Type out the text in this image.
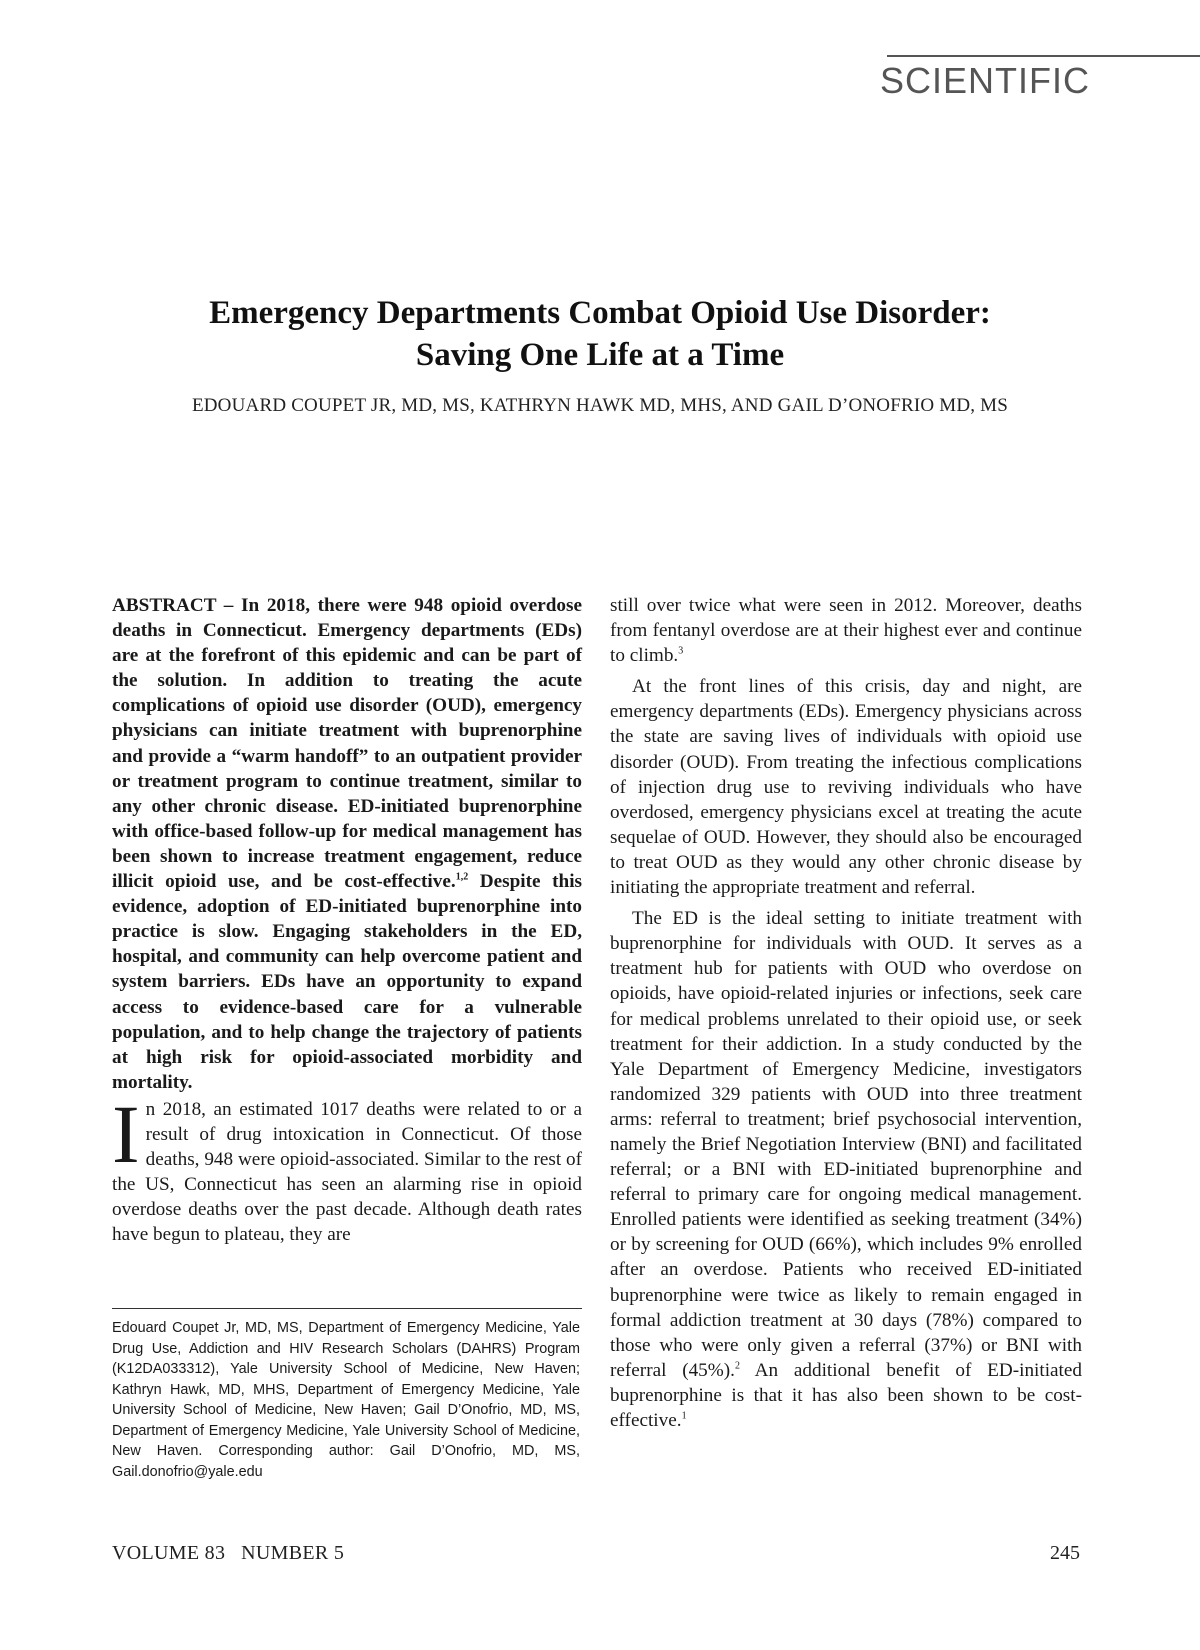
SCIENTIFIC
Emergency Departments Combat Opioid Use Disorder:
Saving One Life at a Time
EDOUARD COUPET JR, MD, MS, KATHRYN HAWK MD, MHS, AND GAIL D’ONOFRIO MD, MS

ABSTRACT – In 2018, there were 948 opioid overdose deaths in Connecticut. Emergency departments (EDs) are at the forefront of this epidemic and can be part of the solution. In addition to treating the acute complications of opioid use disorder (OUD), emergency physicians can initiate treatment with buprenorphine and provide a “warm handoff” to an outpatient provider or treatment program to continue treatment, similar to any other chronic disease. ED-initiated buprenorphine with office-based follow-up for medical management has been shown to increase treatment engagement, reduce illicit opioid use, and be cost-effective.$^{1,2}$ Despite this evidence, adoption of ED-initiated buprenorphine into practice is slow. Engaging stakeholders in the ED, hospital, and community can help overcome patient and system barriers. EDs have an opportunity to expand access to evidence-based care for a vulnerable population, and to help change the trajectory of patients at high risk for opioid-associated morbidity and mortality.

In 2018, an estimated 1017 deaths were related to or a result of drug intoxication in Connecticut. Of those deaths, 948 were opioid-associated. Similar to the rest of the US, Connecticut has seen an alarming rise in opioid overdose deaths over the past decade. Although death rates have begun to plateau, they are

Edouard Coupet Jr, MD, MS, Department of Emergency Medicine, Yale Drug Use, Addiction and HIV Research Scholars (DAHRS) Program (K12DA033312), Yale University School of Medicine, New Haven; Kathryn Hawk, MD, MHS, Department of Emergency Medicine, Yale University School of Medicine, New Haven; Gail D’Onofrio, MD, MS, Department of Emergency Medicine, Yale University School of Medicine, New Haven. Corresponding author: Gail D’Onofrio, MD, MS, Gail.donofrio@yale.edu

still over twice what were seen in 2012. Moreover, deaths from fentanyl overdose are at their highest ever and continue to climb.$^3$

At the front lines of this crisis, day and night, are emergency departments (EDs). Emergency physicians across the state are saving lives of individuals with opioid use disorder (OUD). From treating the infectious complications of injection drug use to reviving individuals who have overdosed, emergency physicians excel at treating the acute sequelae of OUD. However, they should also be encouraged to treat OUD as they would any other chronic disease by initiating the appropriate treatment and referral.

The ED is the ideal setting to initiate treatment with buprenorphine for individuals with OUD. It serves as a treatment hub for patients with OUD who overdose on opioids, have opioid-related injuries or infections, seek care for medical problems unrelated to their opioid use, or seek treatment for their addiction. In a study conducted by the Yale Department of Emergency Medicine, investigators randomized 329 patients with OUD into three treatment arms: referral to treatment; brief psychosocial intervention, namely the Brief Negotiation Interview (BNI) and facilitated referral; or a BNI with ED-initiated buprenorphine and referral to primary care for ongoing medical management. Enrolled patients were identified as seeking treatment (34%) or by screening for OUD (66%), which includes 9% enrolled after an overdose. Patients who received ED-initiated buprenorphine were twice as likely to remain engaged in formal addiction treatment at 30 days (78%) compared to those who were only given a referral (37%) or BNI with referral (45%).$^2$ An additional benefit of ED-initiated buprenorphine is that it has also been shown to be cost-effective.$^1$

VOLUME 83   NUMBER 5	245
